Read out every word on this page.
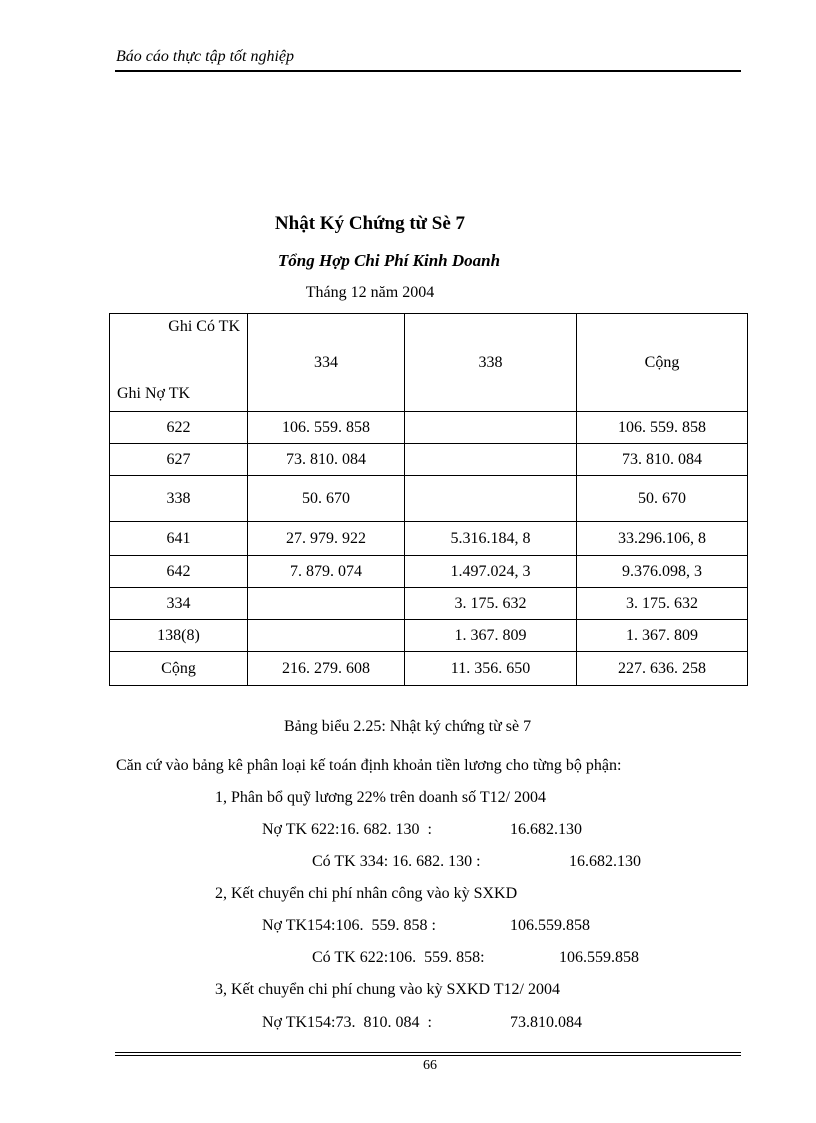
Báo cáo thực tập tốt nghiệp
Nhật Ký Chứng từ Sè 7
Tổng Hợp Chi Phí Kinh Doanh
Tháng 12 năm 2004
Ghi Có TK
Ghi Nợ TK	334	338	Cộng
622	106. 559. 858		106. 559. 858
627	73. 810. 084		73. 810. 084
338	50. 670		50. 670
641	27. 979. 922	5.316.184, 8	33.296.106, 8
642	7. 879. 074	1.497.024, 3	9.376.098, 3
334		3. 175. 632	3. 175. 632
138(8)		1. 367. 809	1. 367. 809
Cộng	216. 279. 608	11. 356. 650	227. 636. 258
Bảng biểu 2.25: Nhật ký chứng từ sè 7
Căn cứ vào bảng kê phân loại kế toán định khoản tiền lương cho từng bộ phận:
1, Phân bổ quỹ lương 22% trên doanh số T12/ 2004
Nợ TK 622:16. 682. 130  :	16.682.130
Có TK 334: 16. 682. 130 :	16.682.130
2, Kết chuyển chi phí nhân công vào kỳ SXKD
Nợ TK154:106.  559. 858 :	106.559.858
Có TK 622:106.  559. 858:	106.559.858
3, Kết chuyển chi phí chung vào kỳ SXKD T12/ 2004
Nợ TK154:73.  810. 084  :	73.810.084
66
